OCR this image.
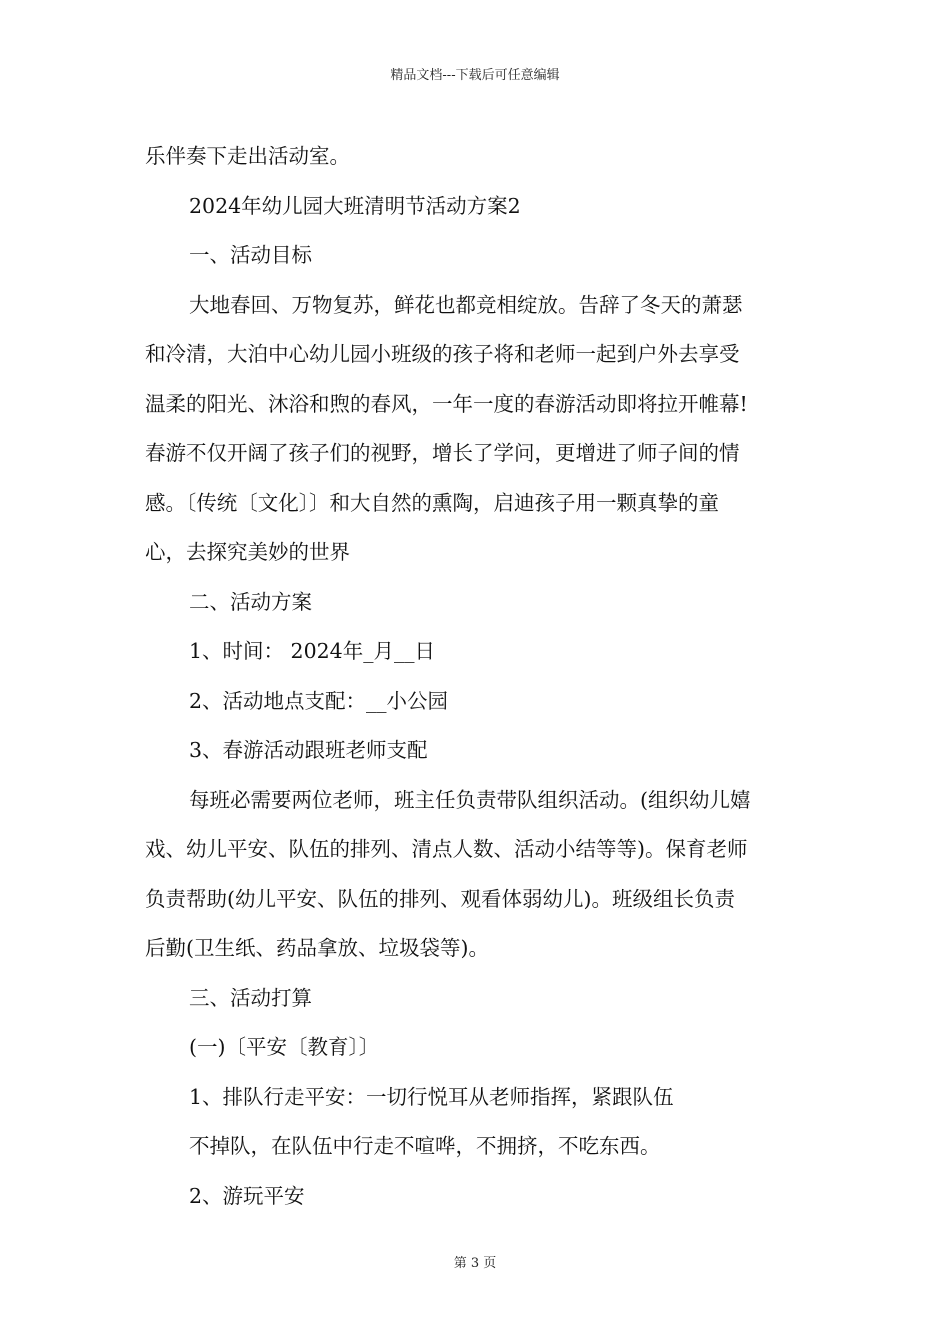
精品文档---下载后可任意编辑
乐伴奏下走出活动室。
2024年幼儿园大班清明节活动方案2
一、活动目标
大地春回、万物复苏，鲜花也都竞相绽放。告辞了冬天的萧瑟
和冷清，大泊中心幼儿园小班级的孩子将和老师一起到户外去享受
温柔的阳光、沐浴和煦的春风，一年一度的春游活动即将拉开帷幕!
春游不仅开阔了孩子们的视野，增长了学问，更增进了师子间的情
感。〔传统〔文化〕〕和大自然的熏陶，启迪孩子用一颗真挚的童
心，去探究美妙的世界
二、活动方案
1、时间： 2024年_月__日
2、活动地点支配：__小公园
3、春游活动跟班老师支配
每班必需要两位老师，班主任负责带队组织活动。(组织幼儿嬉
戏、幼儿平安、队伍的排列、清点人数、活动小结等等)。保育老师
负责帮助(幼儿平安、队伍的排列、观看体弱幼儿)。班级组长负责
后勤(卫生纸、药品拿放、垃圾袋等)。
三、活动打算
(一)〔平安〔教育〕〕
1、排队行走平安：一切行悦耳从老师指挥，紧跟队伍
不掉队，在队伍中行走不喧哗，不拥挤，不吃东西。
2、游玩平安
第 3 页
